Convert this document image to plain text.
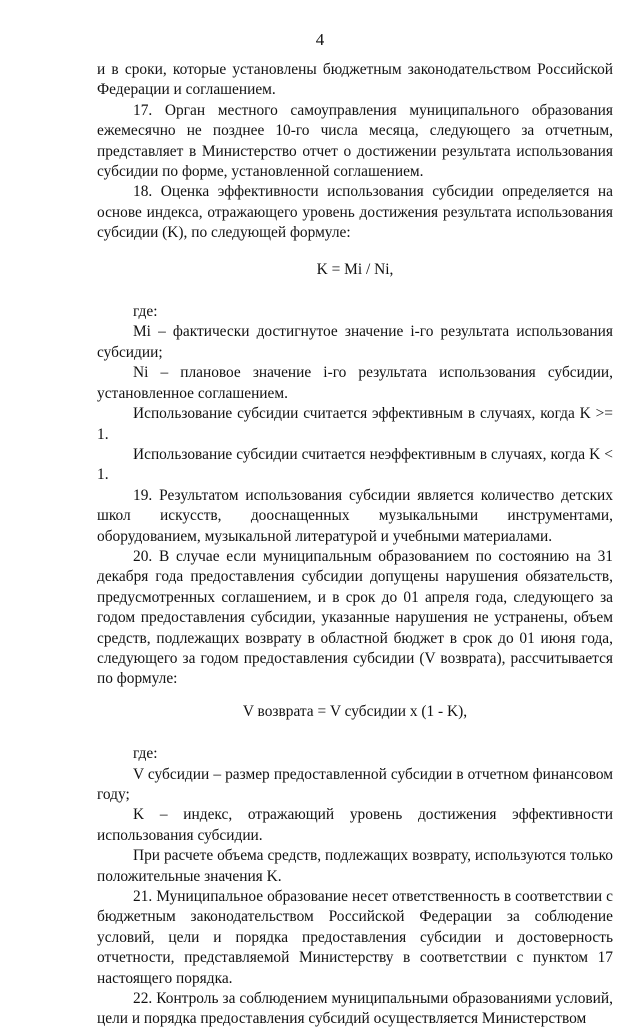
4

и в сроки, которые установлены бюджетным законодательством Российской Федерации и соглашением.

17. Орган местного самоуправления муниципального образования ежемесячно не позднее 10-го числа месяца, следующего за отчетным, представляет в Министерство отчет о достижении результата использования субсидии по форме, установленной соглашением.

18. Оценка эффективности использования субсидии определяется на основе индекса, отражающего уровень достижения результата использования субсидии (K), по следующей формуле:

K = Mi / Ni,

где:

Mi – фактически достигнутое значение i-го результата использования субсидии;

Ni – плановое значение i-го результата использования субсидии, установленное соглашением.

Использование субсидии считается эффективным в случаях, когда K >= 1.

Использование субсидии считается неэффективным в случаях, когда K < 1.

19. Результатом использования субсидии является количество детских школ искусств, дооснащенных музыкальными инструментами, оборудованием, музыкальной литературой и учебными материалами.

20. В случае если муниципальным образованием по состоянию на 31 декабря года предоставления субсидии допущены нарушения обязательств, предусмотренных соглашением, и в срок до 01 апреля года, следующего за годом предоставления субсидии, указанные нарушения не устранены, объем средств, подлежащих возврату в областной бюджет в срок до 01 июня года, следующего за годом предоставления субсидии (V возврата), рассчитывается по формуле:

V возврата = V субсидии x (1 - K),

где:

V субсидии – размер предоставленной субсидии в отчетном финансовом году;

K – индекс, отражающий уровень достижения эффективности использования субсидии.

При расчете объема средств, подлежащих возврату, используются только положительные значения K.

21. Муниципальное образование несет ответственность в соответствии с бюджетным законодательством Российской Федерации за соблюдение условий, цели и порядка предоставления субсидии и достоверность отчетности, представляемой Министерству в соответствии с пунктом 17 настоящего порядка.

22. Контроль за соблюдением муниципальными образованиями условий, цели и порядка предоставления субсидий осуществляется Министерством
